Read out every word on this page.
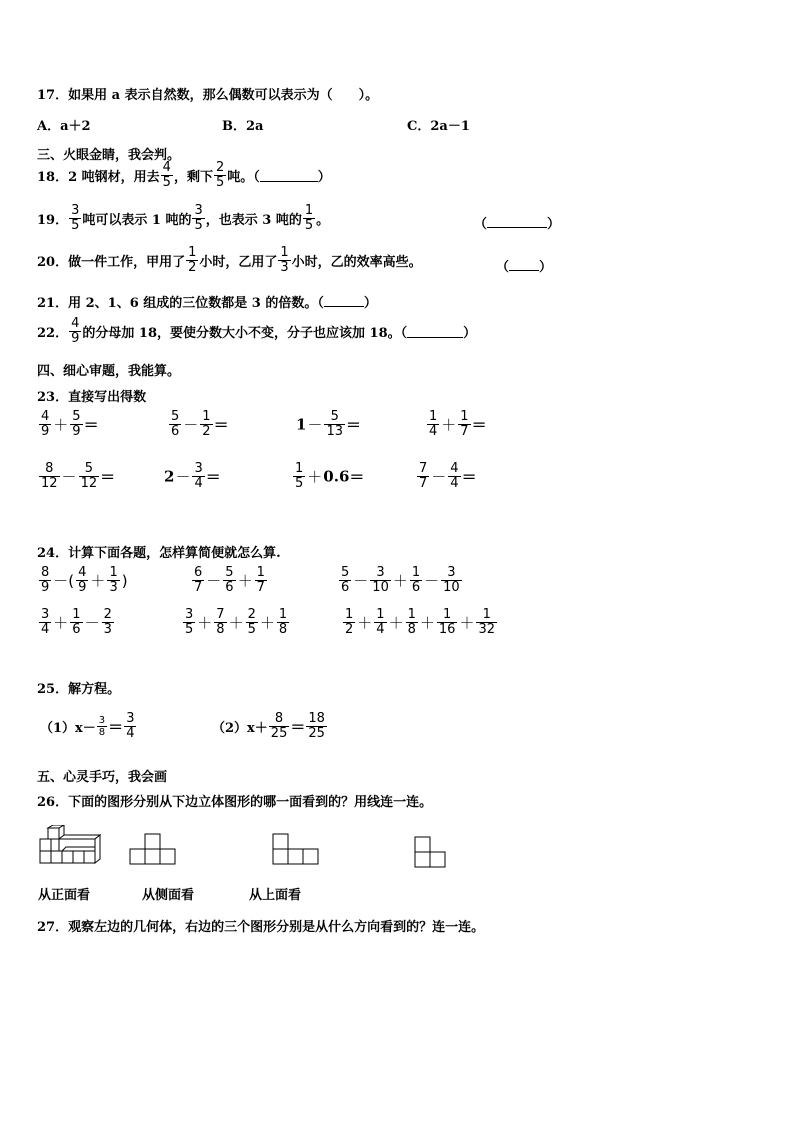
17．如果用 a 表示自然数，那么偶数可以表示为（　　）。
A．a＋2	B．2a	C．2a－1
三、火眼金睛，我会判。
18．2 吨钢材，用去 $\frac{4}{5}$ ，剩下 $\frac{2}{5}$ 吨。（	）
19． $\frac{3}{5}$ 吨可以表示 1 吨的 $\frac{3}{5}$ ，也表示 3 吨的 $\frac{1}{5}$ 。	（	）
20．做一件工作，甲用了 $\frac{1}{2}$ 小时，乙用了 $\frac{1}{3}$ 小时，乙的效率高些。	（ ）
21．用 2、1、6 组成的三位数都是 3 的倍数。（	）
22． $\frac{4}{9}$ 的分母加 18，要使分数大小不变，分子也应该加 18。（	）
四、细心审题，我能算。
23．直接写出得数
$\frac{4}{9} + \frac{5}{9}$ ＝	$\frac{5}{6} - \frac{1}{2}$ ＝	$1- \frac{5}{13}$ ＝	$\frac{1}{4} + \frac{1}{7}$ ＝
$\frac{8}{12} - \frac{5}{12}$ ＝	$2- \frac{3}{4}$ ＝	$\frac{1}{5} +0.6=$	$\frac{7}{7} - \frac{4}{4}$ ＝
24．计算下面各题，怎样算简便就怎么算.
$\frac{8}{9}$ －( $\frac{4}{9} + \frac{1}{3}$ )	$\frac{6}{7} - \frac{5}{6} + \frac{1}{7}$	$\frac{5}{6} - \frac{3}{10} + \frac{1}{6} - \frac{3}{10}$
$\frac{3}{4} + \frac{1}{6} - \frac{2}{3}$	$\frac{3}{5} + \frac{7}{8} + \frac{2}{5} + \frac{1}{8}$	$\frac{1}{2} + \frac{1}{4} + \frac{1}{8} + \frac{1}{16} + \frac{1}{32}$
25．解方程。
$(1)x- \frac{3}{8} = \frac{3}{4}$	$(2)x+ \frac{8}{25} = \frac{18}{25}$
五、心灵手巧，我会画
26．下面的图形分别从下边立体图形的哪一面看到的？用线连一连。
从正面看	从侧面看	从上面看
27．观察左边的几何体，右边的三个图形分别是从什么方向看到的？连一连。
